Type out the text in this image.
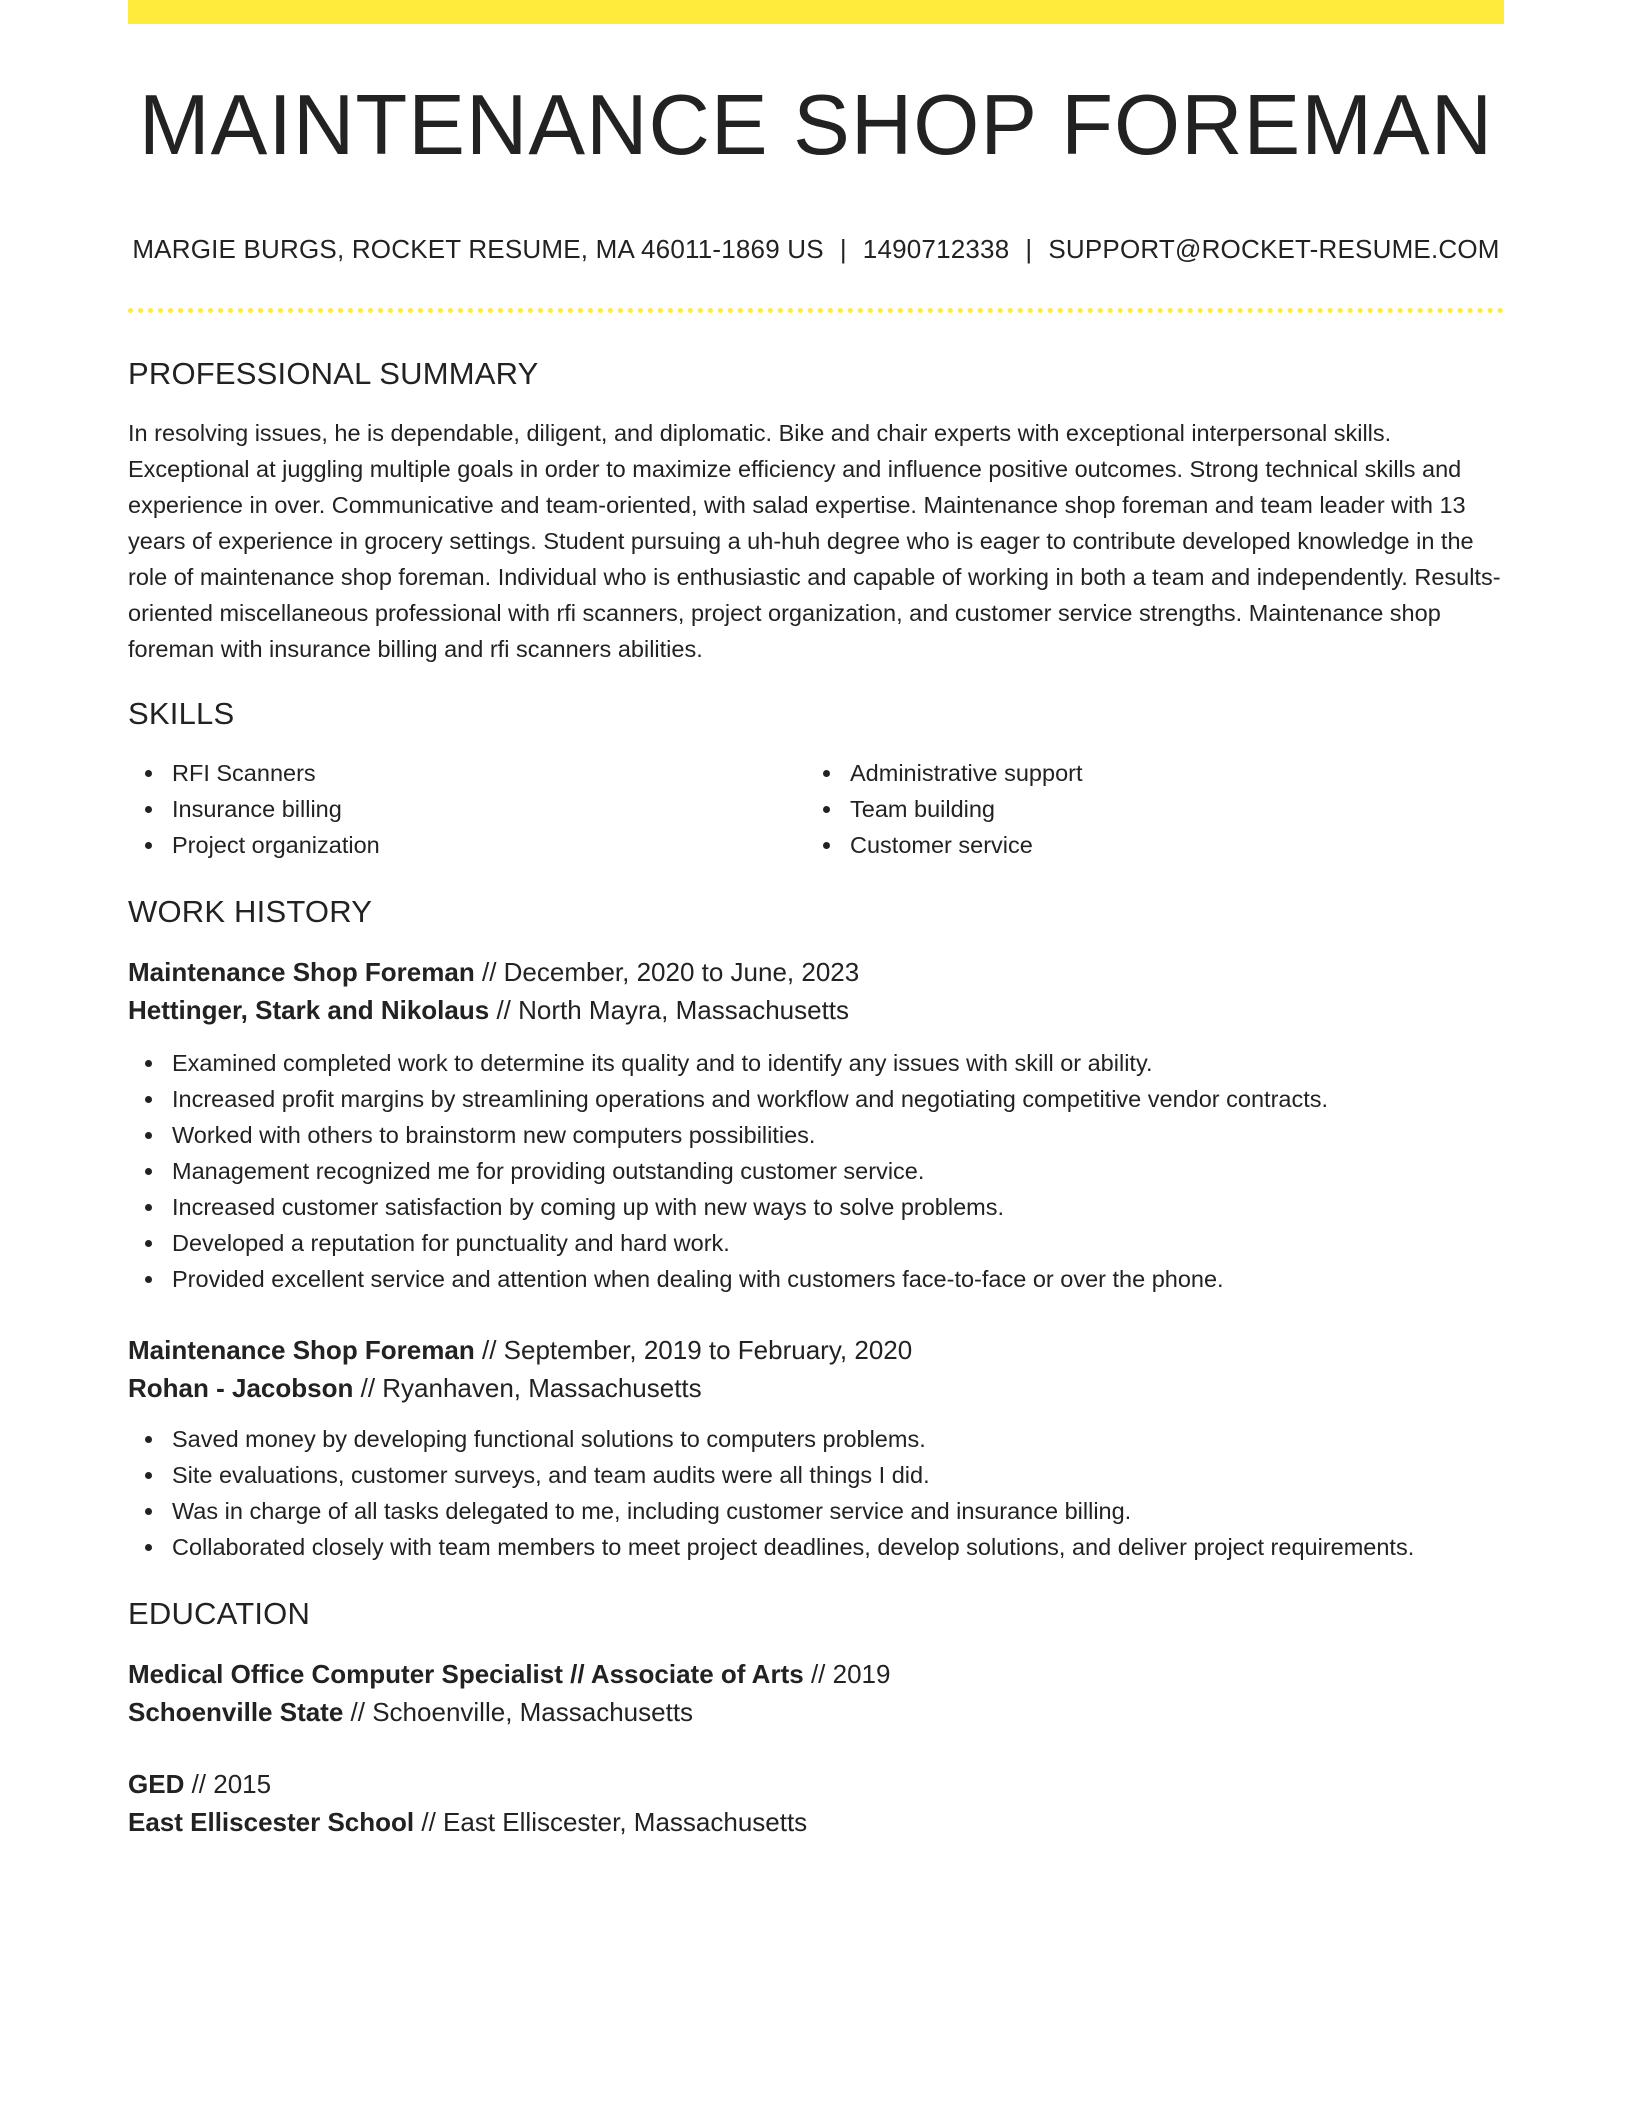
MAINTENANCE SHOP FOREMAN
MARGIE BURGS, ROCKET RESUME, MA 46011-1869 US | 1490712338 | SUPPORT@ROCKET-RESUME.COM
PROFESSIONAL SUMMARY

In resolving issues, he is dependable, diligent, and diplomatic. Bike and chair experts with exceptional interpersonal skills. Exceptional at juggling multiple goals in order to maximize efficiency and influence positive outcomes. Strong technical skills and experience in over. Communicative and team-oriented, with salad expertise. Maintenance shop foreman and team leader with 13 years of experience in grocery settings. Student pursuing a uh-huh degree who is eager to contribute developed knowledge in the role of maintenance shop foreman. Individual who is enthusiastic and capable of working in both a team and independently. Results-oriented miscellaneous professional with rfi scanners, project organization, and customer service strengths. Maintenance shop foreman with insurance billing and rfi scanners abilities.

SKILLS
RFI Scanners
Insurance billing
Project organization
Administrative support
Team building
Customer service
WORK HISTORY
Maintenance Shop Foreman // December, 2020 to June, 2023
Hettinger, Stark and Nikolaus // North Mayra, Massachusetts
Examined completed work to determine its quality and to identify any issues with skill or ability.
Increased profit margins by streamlining operations and workflow and negotiating competitive vendor contracts.
Worked with others to brainstorm new computers possibilities.
Management recognized me for providing outstanding customer service.
Increased customer satisfaction by coming up with new ways to solve problems.
Developed a reputation for punctuality and hard work.
Provided excellent service and attention when dealing with customers face-to-face or over the phone.
Maintenance Shop Foreman // September, 2019 to February, 2020
Rohan - Jacobson // Ryanhaven, Massachusetts
Saved money by developing functional solutions to computers problems.
Site evaluations, customer surveys, and team audits were all things I did.
Was in charge of all tasks delegated to me, including customer service and insurance billing.
Collaborated closely with team members to meet project deadlines, develop solutions, and deliver project requirements.
EDUCATION
Medical Office Computer Specialist // Associate of Arts // 2019
Schoenville State // Schoenville, Massachusetts
GED // 2015
East Elliscester School // East Elliscester, Massachusetts
